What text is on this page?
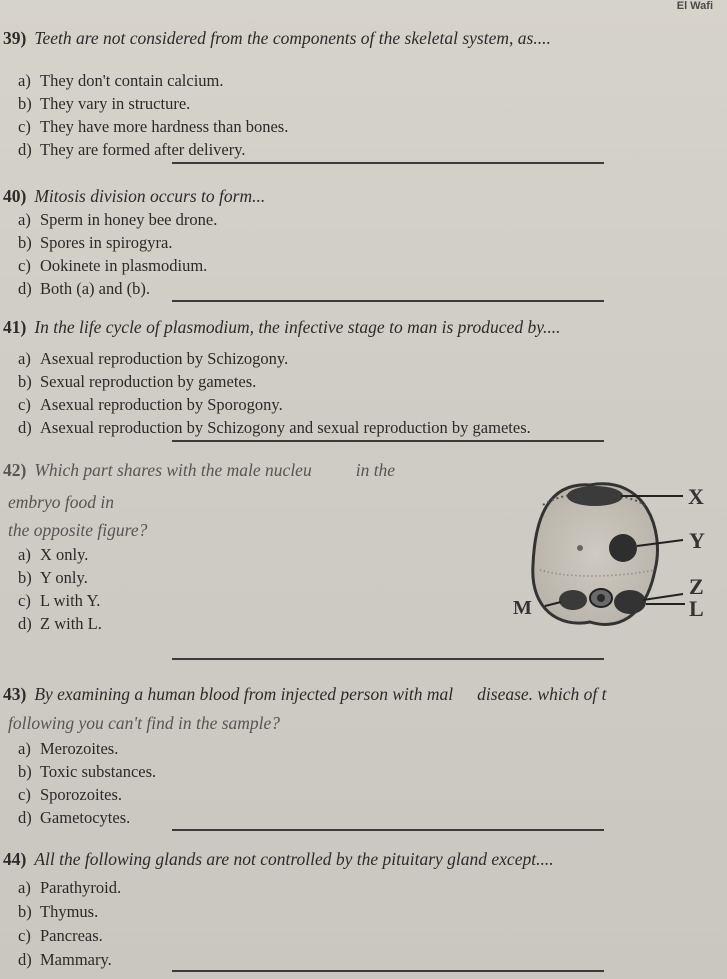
El Wafi
39) Teeth are not considered from the components of the skeletal system, as....
a) They don't contain calcium.
b) They vary in structure.
c) They have more hardness than bones.
d) They are formed after delivery.
40) Mitosis division occurs to form...
a) Sperm in honey bee drone.
b) Spores in spirogyra.
c) Ookinete in plasmodium.
d) Both (a) and (b).
41) In the life cycle of plasmodium, the infective stage to man is produced by....
a) Asexual reproduction by Schizogony.
b) Sexual reproduction by gametes.
c) Asexual reproduction by Sporogony.
d) Asexual reproduction by Schizogony and sexual reproduction by gametes.
42) Which part shares with the male nucleu	in the
embryo food in
the opposite figure?
a) X only.
b) Y only.
c) L with Y.
d) Z with L.
X
Y
Z
L
M
43) By examining a human blood from injected person with mal disease. which of t
following you can't find in the sample?
a) Merozoites.
b) Toxic substances.
c) Sporozoites.
d) Gametocytes.
44) All the following glands are not controlled by the pituitary gland except....
a) Parathyroid.
b) Thymus.
c) Pancreas.
d) Mammary.
